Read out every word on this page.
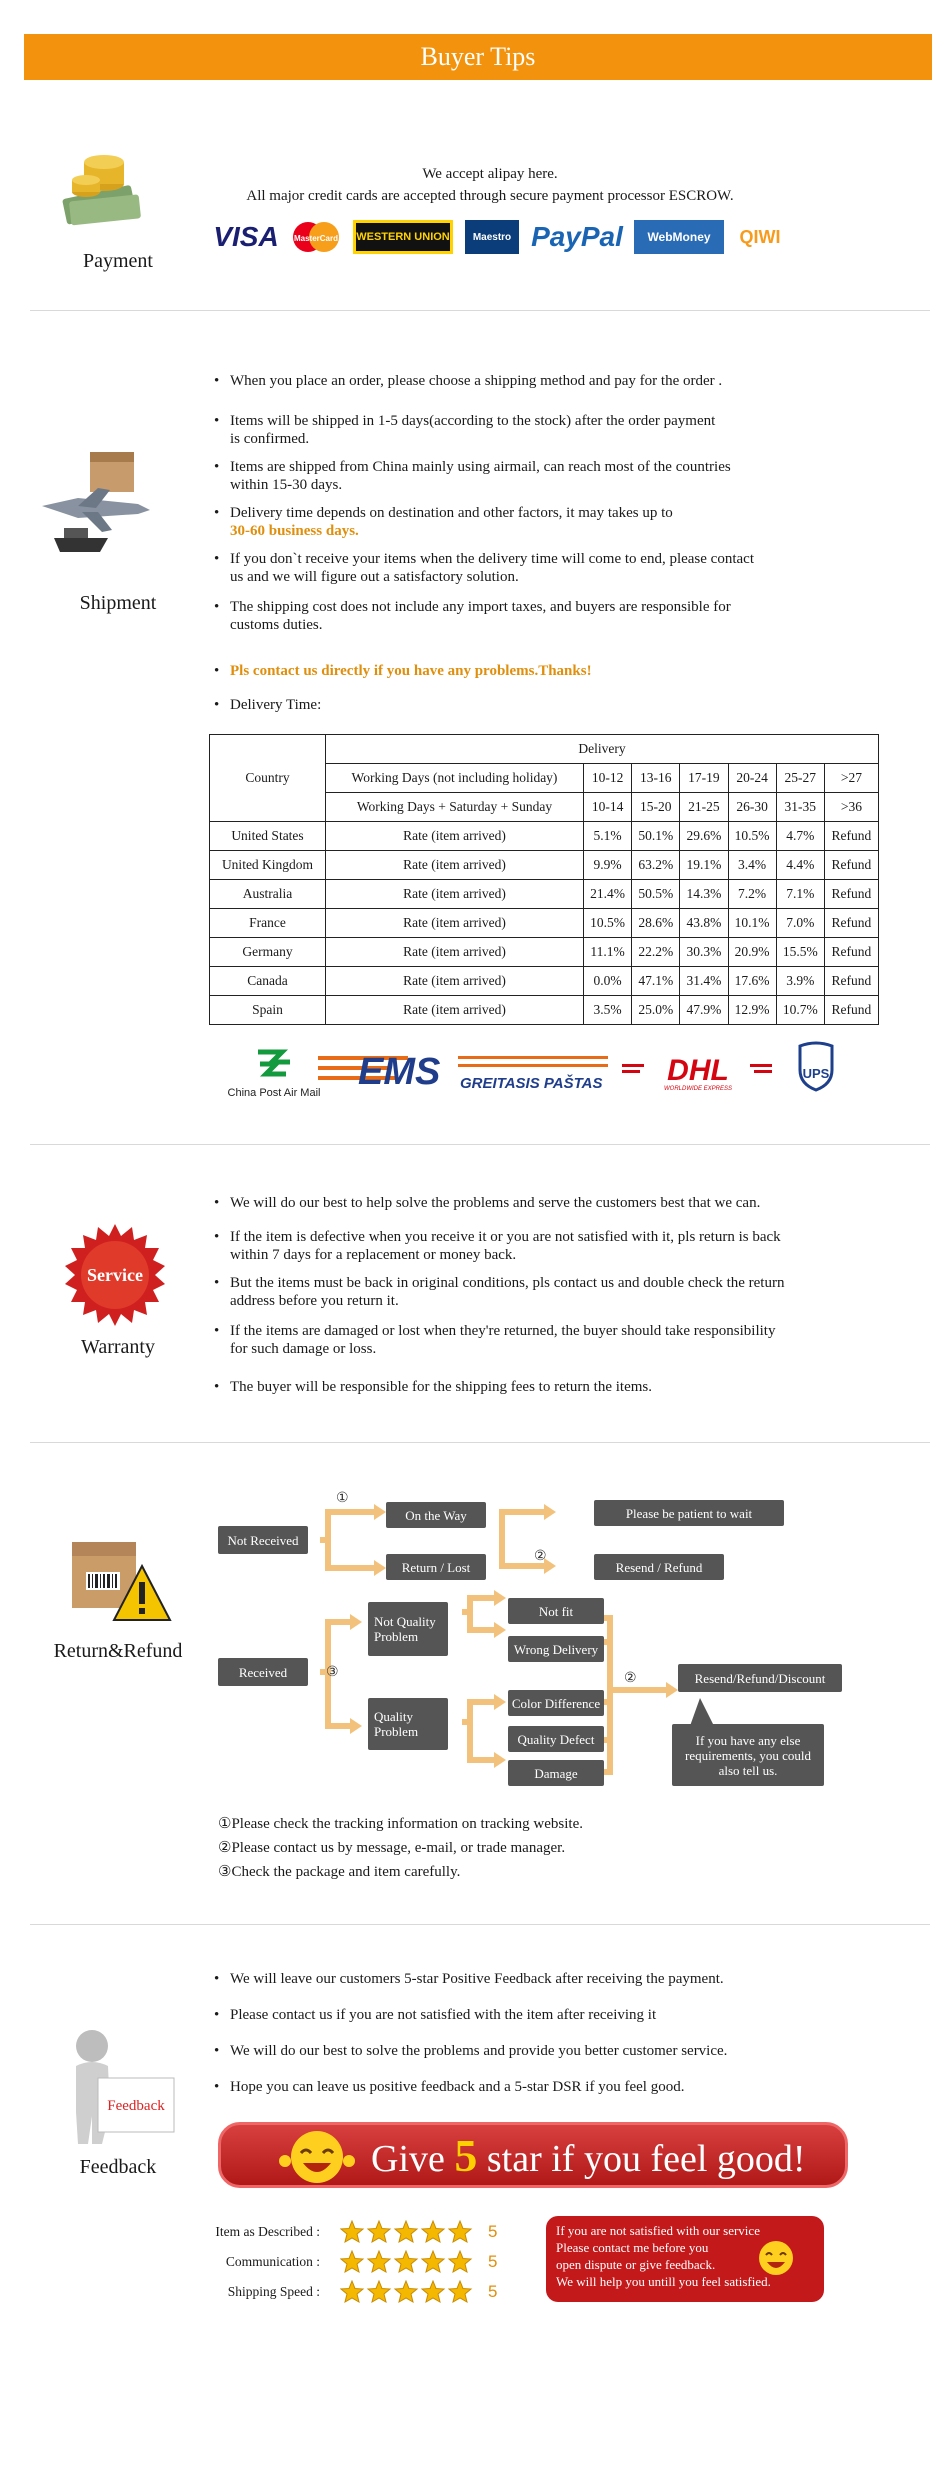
Buyer Tips
Payment
We accept alipay here.
All major credit cards are accepted through secure payment processor ESCROW.
VISA MasterCard WESTERN UNION Maestro PayPal WebMoney QIWI
Shipment
• When you place an order, please choose a shipping method and pay for the order .
• Items will be shipped in 1-5 days(according to the stock) after the order payment
is confirmed.
• Items are shipped from China mainly using airmail, can reach most of the countries
within 15-30 days.
• Delivery time depends on destination and other factors, it may takes up to
30-60 business days.
• If you don`t receive your items when the delivery time will come to end, please contact
us and we will figure out a satisfactory solution.
• The shipping cost does not include any import taxes, and buyers are responsible for
customs duties.
• Pls contact us directly if you have any problems.Thanks!
• Delivery Time:
Country	Delivery						
	Working Days (not including holiday)	10-12	13-16	17-19	20-24	25-27	>27
	Working Days + Saturday + Sunday	10-14	15-20	21-25	26-30	31-35	>36
United States	Rate (item arrived)	5.1%	50.1%	29.6%	10.5%	4.7%	Refund
United Kingdom	Rate (item arrived)	9.9%	63.2%	19.1%	3.4%	4.4%	Refund
Australia	Rate (item arrived)	21.4%	50.5%	14.3%	7.2%	7.1%	Refund
France	Rate (item arrived)	10.5%	28.6%	43.8%	10.1%	7.0%	Refund
Germany	Rate (item arrived)	11.1%	22.2%	30.3%	20.9%	15.5%	Refund
Canada	Rate (item arrived)	0.0%	47.1%	31.4%	17.6%	3.9%	Refund
Spain	Rate (item arrived)	3.5%	25.0%	47.9%	12.9%	10.7%	Refund
China Post Air Mail EMS GREITASIS PAŠTAS DHL
WORLDWIDE EXPRESS
UPS
Service
Warranty
• We will do our best to help solve the problems and serve the customers best that we can.
• If the item is defective when you receive it or you are not satisfied with it, pls return is back
within 7 days for a replacement or money back.
• But the items must be back in original conditions, pls contact us and double check the return
address before you return it.
• If the items are damaged or lost when they're returned, the buyer should take responsibility
for such damage or loss.
• The buyer will be responsible for the shipping fees to return the items.
Return&Refund
Not Received
On the Way
Return / Lost
Please be patient to wait
Resend / Refund
①
②
Received	③
Not Quality Problem
Quality Problem
Not fit
Wrong Delivery
Color Difference
Quality Defect
Damage
②	Resend/Refund/Discount
If you have any else requirements, you could also tell us.
①Please check the tracking information on tracking website.
②Please contact us by message, e-mail, or trade manager.
③Check the package and item carefully.
Feedback
Feedback
• We will leave our customers 5-star Positive Feedback after receiving the payment.
• Please contact us if you are not satisfied with the item after receiving it
• We will do our best to solve the problems and provide you better customer service.
• Hope you can leave us positive feedback and a 5-star DSR if you feel good.
Give 5 star if you feel good!
Item as Described :	5
Communication :	5
Shipping Speed :	5
If you are not satisfied with our service
Please contact me before you
open dispute or give feedback.
We will help you untill you feel satisfied.
